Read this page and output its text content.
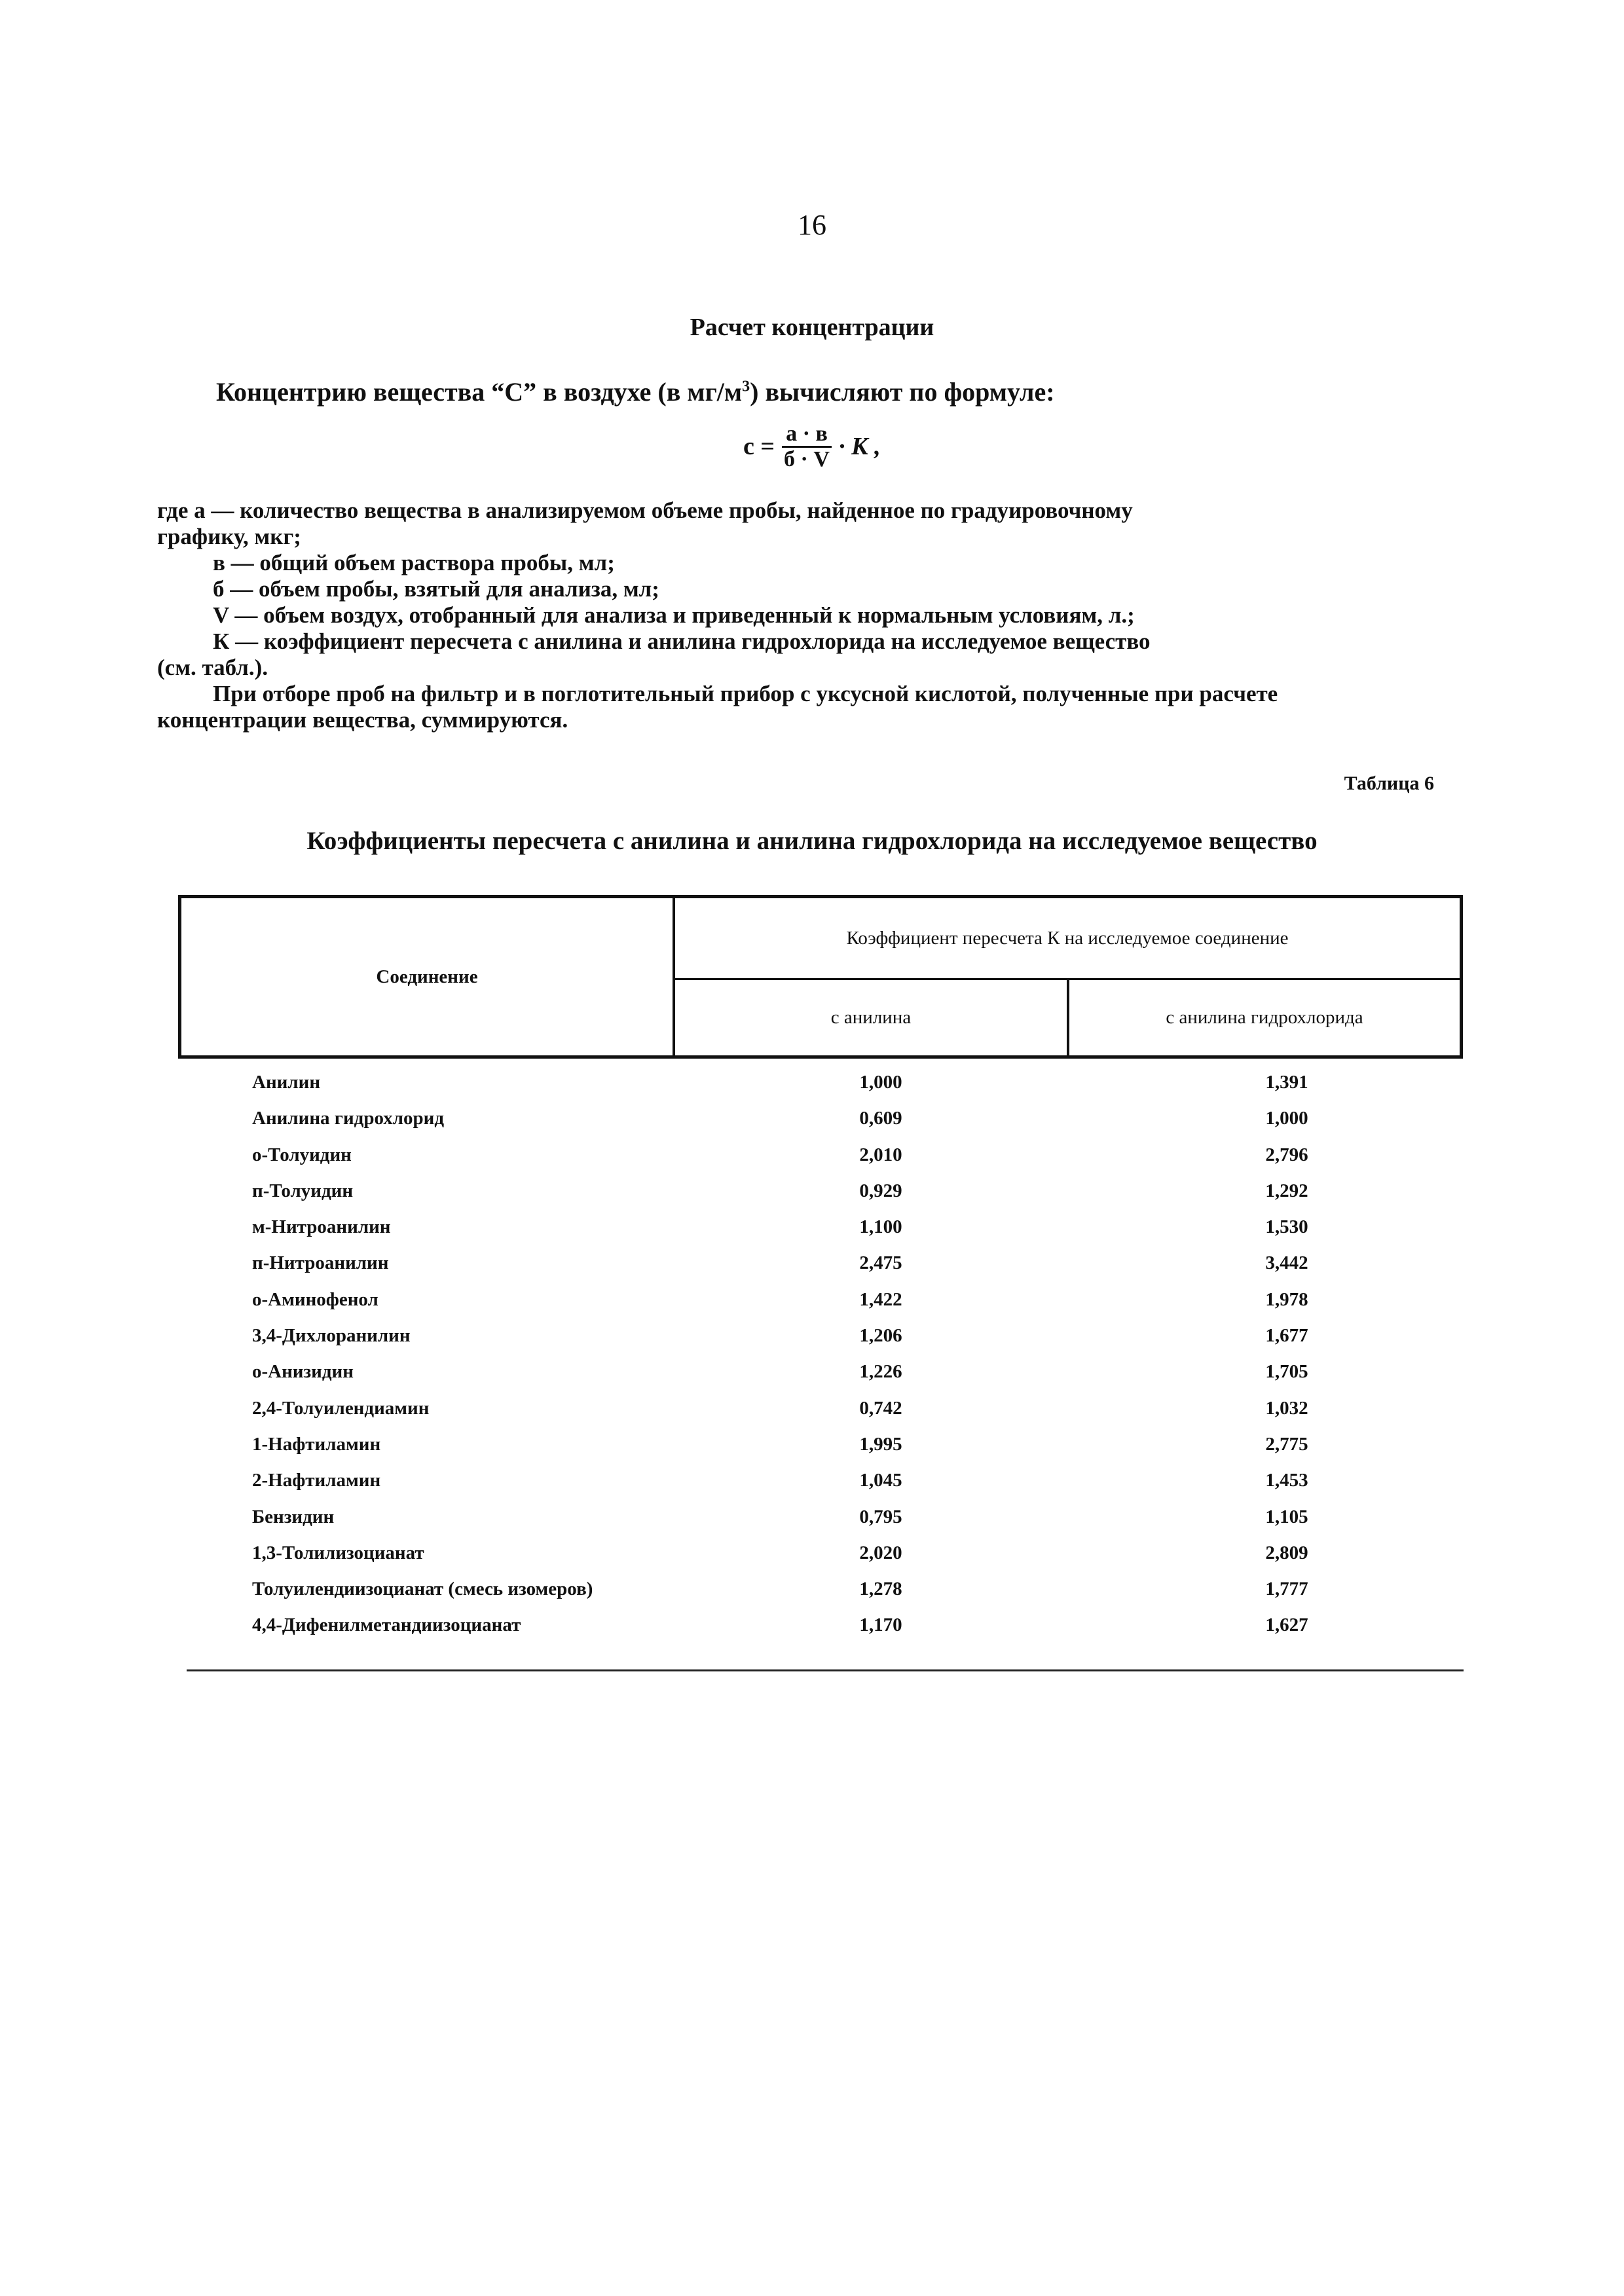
16
Расчет концентрации
Концентрию вещества “С” в воздухе (в $мг/м^3$) вычисляют по формуле:
$с = \frac{а \cdot в}{б \cdot V} \cdot К$ ,
где а — количество вещества в анализируемом объеме пробы, найденное по градуировочному
графику, мкг;
в — общий объем раствора пробы, мл;
б — объем пробы, взятый для анализа, мл;
V — объем воздух, отобранный для анализа и приведенный к нормальным условиям, л.;
К — коэффициент пересчета с анилина и анилина гидрохлорида на исследуемое вещество
(см. табл.).
При отборе проб на фильтр и в поглотительный прибор с уксусной кислотой, полученные при расчете
концентрации вещества, суммируются.
Таблица 6
Коэффициенты пересчета с анилина и анилина гидрохлорида на исследуемое вещество
Соединение
Коэффициент пересчета К на исследуемое соединение
с анилина	с анилина гидрохлорида
Анилин	1,000	1,391
Анилина гидрохлорид	0,609	1,000
о-Толуидин	2,010	2,796
п-Толуидин	0,929	1,292
м-Нитроанилин	1,100	1,530
п-Нитроанилин	2,475	3,442
о-Аминофенол	1,422	1,978
3,4-Дихлоранилин	1,206	1,677
о-Анизидин	1,226	1,705
2,4-Толуилендиамин	0,742	1,032
1-Нафтиламин	1,995	2,775
2-Нафтиламин	1,045	1,453
Бензидин	0,795	1,105
1,3-Толилизоцианат	2,020	2,809
Толуилендиизоцианат (смесь изомеров)	1,278	1,777
4,4-Дифенилметандиизоцианат	1,170	1,627
